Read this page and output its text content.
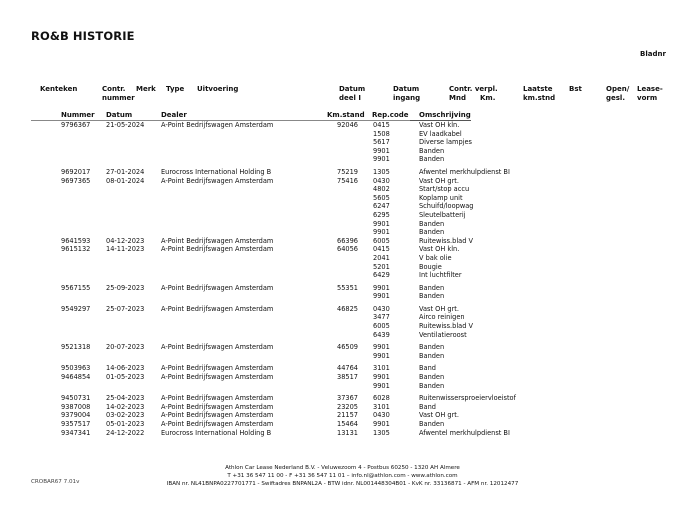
RO&B HISTORIE
Bladnr
Kenteken	Contr.
nummer
Merk Type Uitvoering	Datum
deel I
Datum
ingang
Contr. verpl.
Mnd Km.
Laatste
km.stnd
Bst	Open/
gesl.
Lease-
vorm
Nummer Datum	Dealer	Km.stand Rep.code Omschrijving
9796367 21-05-2024	A-Point Bedrijfswagen Amsterdam	92046 0415	Vast OH kln.
1508	EV laadkabel
5617	Diverse lampjes
9901	Banden
9901	Banden
9692017 27-01-2024	Eurocross International Holding B	75219 1305	Afwentel merkhulpdienst BI
9697365 08-01-2024	A-Point Bedrijfswagen Amsterdam	75416 0430	Vast OH grt.
4802	Start/stop accu
5605	Koplamp unit
6247	Schuifd/loopwag
6295	Sleutelbatterij
9901	Banden
9901	Banden
9641593 04-12-2023	A-Point Bedrijfswagen Amsterdam	66396 6005	Ruitewiss.blad V
9615132 14-11-2023	A-Point Bedrijfswagen Amsterdam	64056 0415	Vast OH kln.
2041	V bak olie
5201	Bougie
6429	Int luchtfilter
9567155 25-09-2023	A-Point Bedrijfswagen Amsterdam	55351 9901	Banden
9901	Banden
9549297 25-07-2023	A-Point Bedrijfswagen Amsterdam	46825 0430	Vast OH grt.
3477	Airco reinigen
6005	Ruitewiss.blad V
6439	Ventilatieroost
9521318 20-07-2023	A-Point Bedrijfswagen Amsterdam	46509 9901	Banden
9901	Banden
9503963 14-06-2023	A-Point Bedrijfswagen Amsterdam	44764 3101	Band
9464854 01-05-2023	A-Point Bedrijfswagen Amsterdam	38517 9901	Banden
9901	Banden
9450731 25-04-2023	A-Point Bedrijfswagen Amsterdam	37367 6028	Ruitenwissersproeiervloeistof
9387008 14-02-2023	A-Point Bedrijfswagen Amsterdam	23205 3101	Band
9379004 03-02-2023	A-Point Bedrijfswagen Amsterdam	21157 0430	Vast OH grt.
9357517 05-01-2023	A-Point Bedrijfswagen Amsterdam	15464 9901	Banden
9347341 24-12-2022	Eurocross International Holding B	13131 1305	Afwentel merkhulpdienst BI
Athlon Car Lease Nederland B.V. - Veluwezoom 4 - Postbus 60250 - 1320 AH Almere
T +31 36 547 11 00 - F +31 36 547 11 01 – info.nl@athlon.com - www.athlon.com
IBAN nr. NL41BNPA0227701771 - Swiftadres BNPANL2A - BTW idnr. NL001448304B01 - KvK nr. 33136871 - AFM nr. 12012477
CROBAR67 7.01v
